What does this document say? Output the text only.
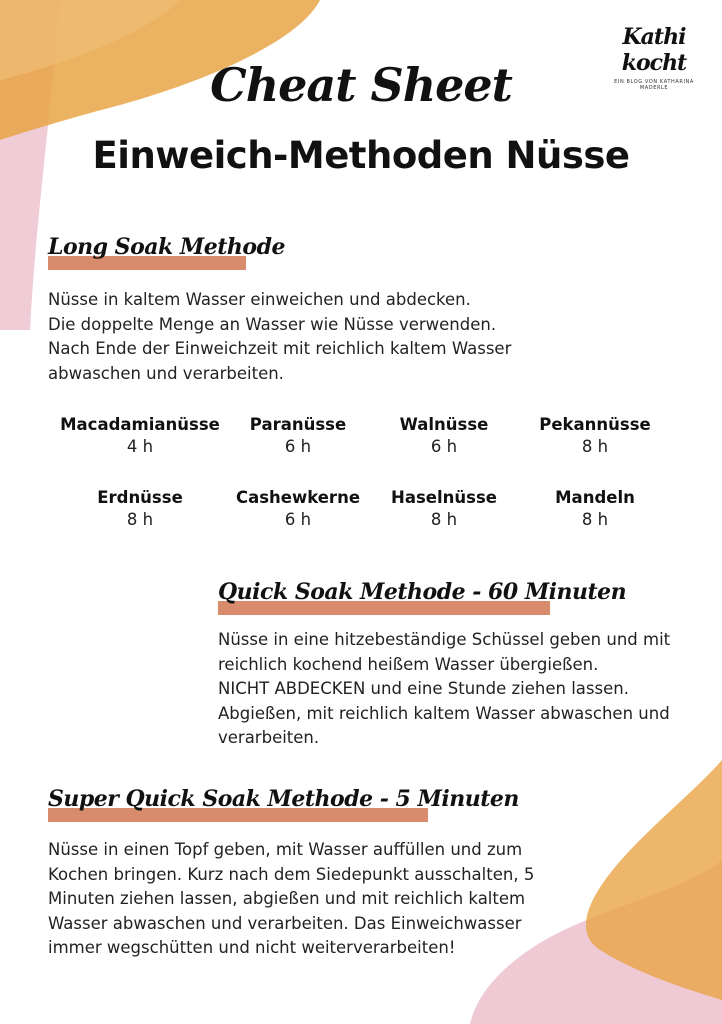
Kathi kocht
EIN BLOG VON KATHARINA MADERLE
Cheat Sheet
Einweich-Methoden Nüsse
Long Soak Methode
Nüsse in kaltem Wasser einweichen und abdecken.
Die doppelte Menge an Wasser wie Nüsse verwenden.
Nach Ende der Einweichzeit mit reichlich kaltem Wasser
abwaschen und verarbeiten.
Macadamianüsse
4 h
Paranüsse
6 h
Walnüsse
6 h
Pekannüsse
8 h
Erdnüsse
8 h
Cashewkerne
6 h
Haselnüsse
8 h
Mandeln
8 h
Quick Soak Methode - 60 Minuten
Nüsse in eine hitzebeständige Schüssel geben und mit
reichlich kochend heißem Wasser übergießen.
NICHT ABDECKEN und eine Stunde ziehen lassen.
Abgießen, mit reichlich kaltem Wasser abwaschen und
verarbeiten.
Super Quick Soak Methode - 5 Minuten
Nüsse in einen Topf geben, mit Wasser auffüllen und zum
Kochen bringen. Kurz nach dem Siedepunkt ausschalten, 5
Minuten ziehen lassen, abgießen und mit reichlich kaltem
Wasser abwaschen und verarbeiten. Das Einweichwasser
immer wegschütten und nicht weiterverarbeiten!
